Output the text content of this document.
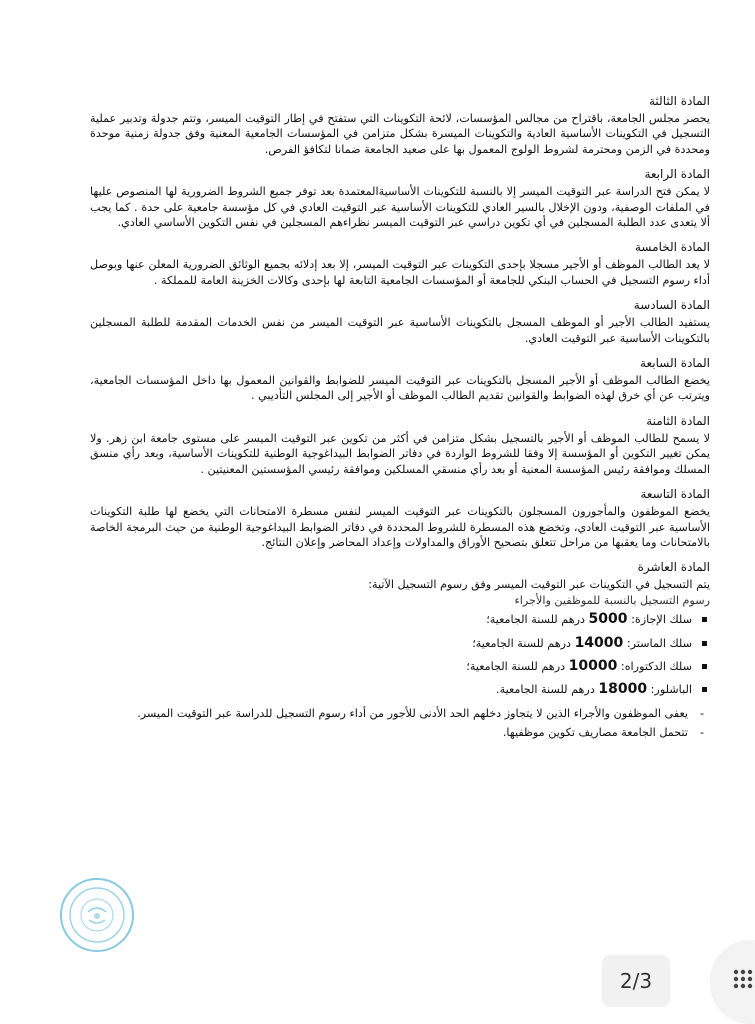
المادة الثالثة

يحصر مجلس الجامعة، باقتراح من مجالس المؤسسات، لائحة التكوينات التي ستفتح في إطار التوقيت الميسر، وتتم جدولة وتدبير عملية التسجيل في التكوينات الأساسية العادية والتكوينات الميسرة بشكل متزامن في المؤسسات الجامعية المعنية وفق جدولة زمنية موحدة ومحددة في الزمن ومحترمة لشروط الولوج المعمول بها على صعيد الجامعة ضمانا لتكافؤ الفرص.

المادة الرابعة

لا يمكن فتح الدراسة عبر التوقيت الميسر إلا بالنسبة للتكوينات الأساسيةالمعتمدة بعد توفر جميع الشروط الضرورية لها المنصوص عليها في الملفات الوصفية، ودون الإخلال بالسير العادي للتكوينات الأساسية عبر التوقيت العادي في كل مؤسسة جامعية على حدة . كما يجب ألا يتعدى عدد الطلبة المسجلين في أي تكوين دراسي عبر التوقيت الميسر نظراءهم المسجلين في نفس التكوين الأساسي العادي.

المادة الخامسة

لا يعد الطالب الموظف أو الأجير مسجلا بإحدى التكوينات عبر التوقيت الميسر، إلا بعد إدلائه بجميع الوثائق الضرورية المعلن عنها وبوصل أداء رسوم التسجيل في الحساب البنكي للجامعة أو المؤسسات الجامعية التابعة لها بإحدى وكالات الخزينة العامة للمملكة .

المادة السادسة

يستفيد الطالب الأجير أو الموظف المسجل بالتكوينات الأساسية عبر التوقيت الميسر من نفس الخدمات المقدمة للطلبة المسجلين بالتكوينات الأساسية عبر التوقيت العادي.

المادة السابعة

يخضع الطالب الموظف أو الأجير المسجل بالتكوينات عبر التوقيت الميسر للضوابط والقوانين المعمول بها داخل المؤسسات الجامعية، ويترتب عن أي خرق لهذه الضوابط والقوانين تقديم الطالب الموظف أو الأجير إلى المجلس التأديبي .

المادة الثامنة

لا يسمح للطالب الموظف أو الأجير بالتسجيل بشكل متزامن في أكثر من تكوين عبر التوقيت الميسر على مستوى جامعة ابن زهر. ولا يمكن تغيير التكوين أو المؤسسة إلا وفقا للشروط الواردة في دفاتر الضوابط البيداغوجية الوطنية للتكوينات الأساسية، وبعد رأي منسق المسلك وموافقة رئيس المؤسسة المعنية أو بعد رأي منسقي المسلكين وموافقة رئيسي المؤسستين المعنيتين .

المادة التاسعة

يخضع الموظفون والمأجورون المسجلون بالتكوينات عبر التوقيت الميسر لنفس مسطرة الامتحانات التي يخضع لها طلبة التكوينات الأساسية عبر التوقيت العادي، وتخضع هذه المسطرة للشروط المحددة في دفاتر الضوابط البيداغوجية الوطنية من حيث البرمجة الخاصة بالامتحانات وما يعقبها من مراحل تتعلق بتصحيح الأوراق والمداولات وإعداد المحاضر وإعلان النتائج.

المادة العاشرة

يتم التسجيل في التكوينات عبر التوقيت الميسر وفق رسوم التسجيل الآتية:

رسوم التسجيل بالنسبة للموظفين والأجراء

سلك الإجازة: 5000 درهم للسنة الجامعية؛
سلك الماستر: 14000 درهم للسنة الجامعية؛
سلك الدكتوراه: 10000 درهم للسنة الجامعية؛
الباشلور: 18000 درهم للسنة الجامعية.
- يعفى الموظفون والأجراء الذين لا يتجاوز دخلهم الحد الأدنى للأجور من أداء رسوم التسجيل للدراسة عبر التوقيت الميسر.
- تتحمل الجامعة مصاريف تكوين موظفيها.
2/3
